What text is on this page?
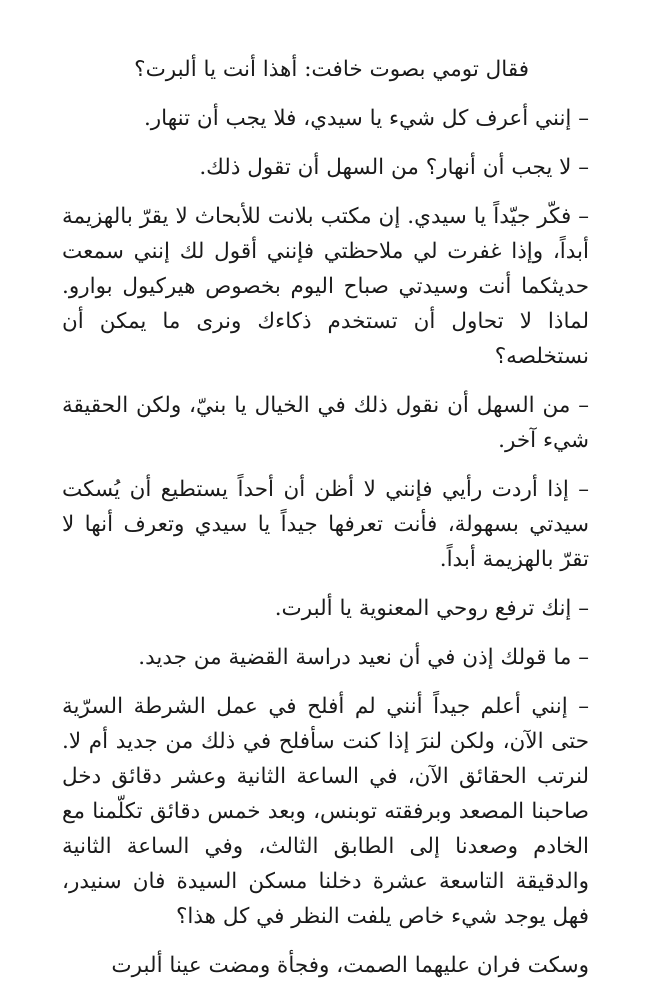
فقال تومي بصوت خافت: أهذا أنت يا ألبرت؟

– إنني أعرف كل شيء يا سيدي، فلا يجب أن تنهار.

– لا يجب أن أنهار؟ من السهل أن تقول ذلك.

– فكّر جيّداً يا سيدي. إن مكتب بلانت للأبحاث لا يقرّ بالهزيمة أبداً، وإذا غفرت لي ملاحظتي فإنني أقول لك إنني سمعت حديثكما أنت وسيدتي صباح اليوم بخصوص هيركيول بوارو. لماذا لا تحاول أن تستخدم ذكاءك ونرى ما يمكن أن نستخلصه؟

– من السهل أن نقول ذلك في الخيال يا بنيّ، ولكن الحقيقة شيء آخر.

– إذا أردت رأيي فإنني لا أظن أن أحداً يستطيع أن يُسكت سيدتي بسهولة، فأنت تعرفها جيداً يا سيدي وتعرف أنها لا تقرّ بالهزيمة أبداً.

– إنك ترفع روحي المعنوية يا ألبرت.

– ما قولك إذن في أن نعيد دراسة القضية من جديد.

– إنني أعلم جيداً أنني لم أفلح في عمل الشرطة السرّية حتى الآن، ولكن لنرَ إذا كنت سأفلح في ذلك من جديد أم لا. لنرتب الحقائق الآن، في الساعة الثانية وعشر دقائق دخل صاحبنا المصعد وبرفقته توبنس، وبعد خمس دقائق تكلّمنا مع الخادم وصعدنا إلى الطابق الثالث، وفي الساعة الثانية والدقيقة التاسعة عشرة دخلنا مسكن السيدة فان سنيدر، فهل يوجد شيء خاص يلفت النظر في كل هذا؟

وسكت فران عليهما الصمت، وفجأة ومضت عينا ألبرت
